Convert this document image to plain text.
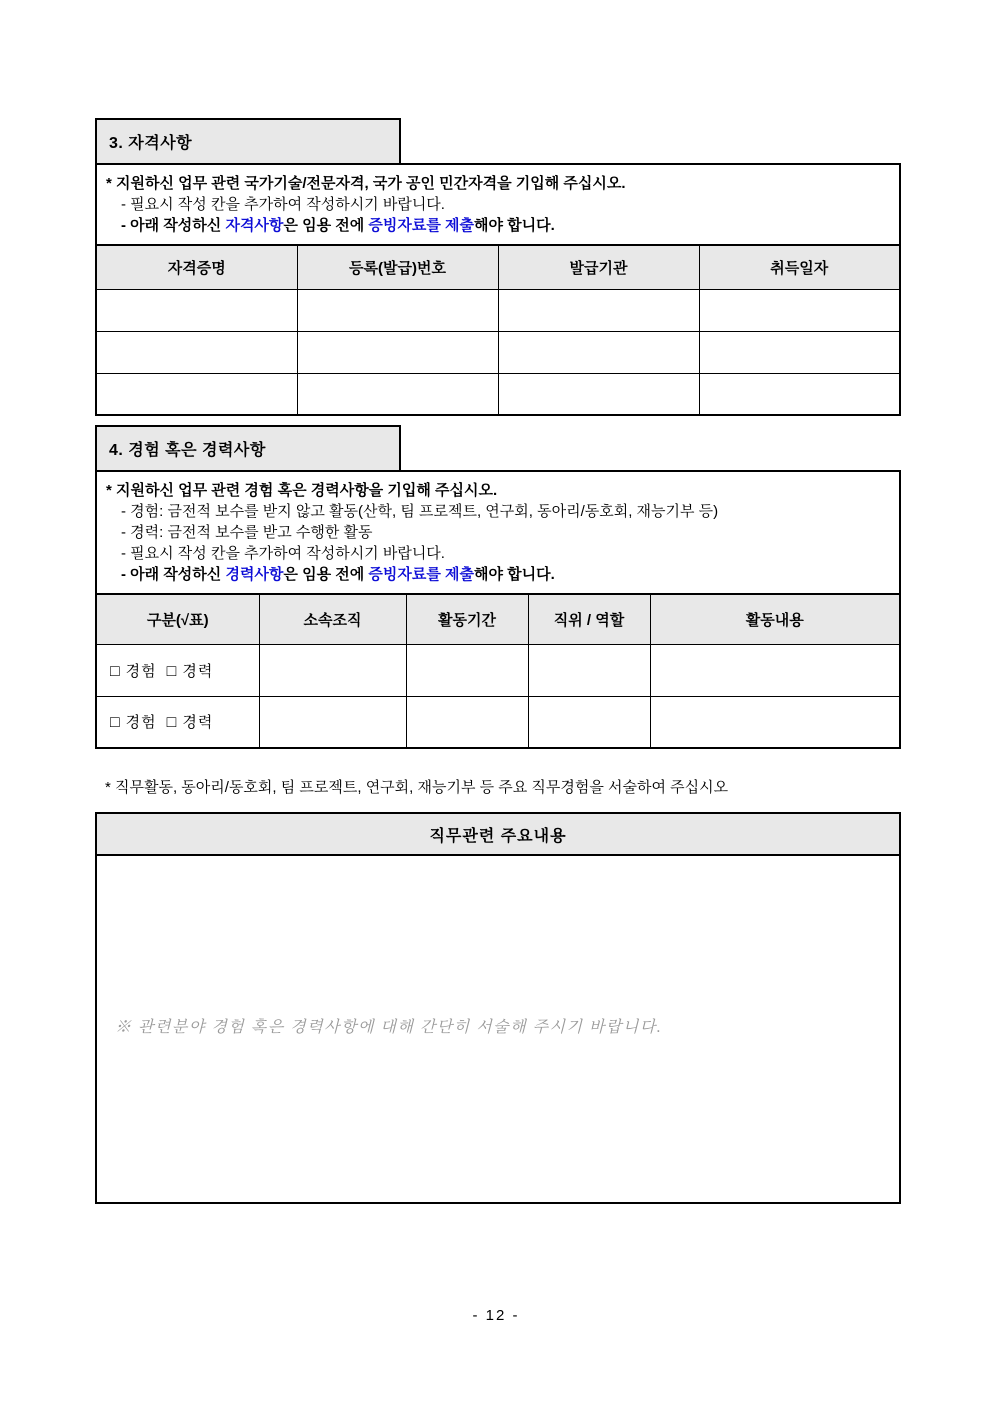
3. 자격사항
* 지원하신 업무 관련 국가기술/전문자격, 국가 공인 민간자격을 기입해 주십시오.
- 필요시 작성 칸을 추가하여 작성하시기 바랍니다.
- 아래 작성하신 자격사항은 임용 전에 증빙자료를 제출해야 합니다.
자격증명	등록(발급)번호	발급기관	취득일자

4. 경험 혹은 경력사항
* 지원하신 업무 관련 경험 혹은 경력사항을 기입해 주십시오.
- 경험: 금전적 보수를 받지 않고 활동(산학, 팀 프로젝트, 연구회, 동아리/동호회, 재능기부 등)
- 경력: 금전적 보수를 받고 수행한 활동
- 필요시 작성 칸을 추가하여 작성하시기 바랍니다.
- 아래 작성하신 경력사항은 임용 전에 증빙자료를 제출해야 합니다.
구분(√표)	소속조직	활동기간	직위 / 역할	활동내용
□ 경험 □ 경력				
□ 경험 □ 경력				
* 직무활동, 동아리/동호회, 팀 프로젝트, 연구회, 재능기부 등 주요 직무경험을 서술하여 주십시오
직무관련 주요내용
※ 관련분야 경험 혹은 경력사항에 대해 간단히 서술해 주시기 바랍니다.
- 12 -
